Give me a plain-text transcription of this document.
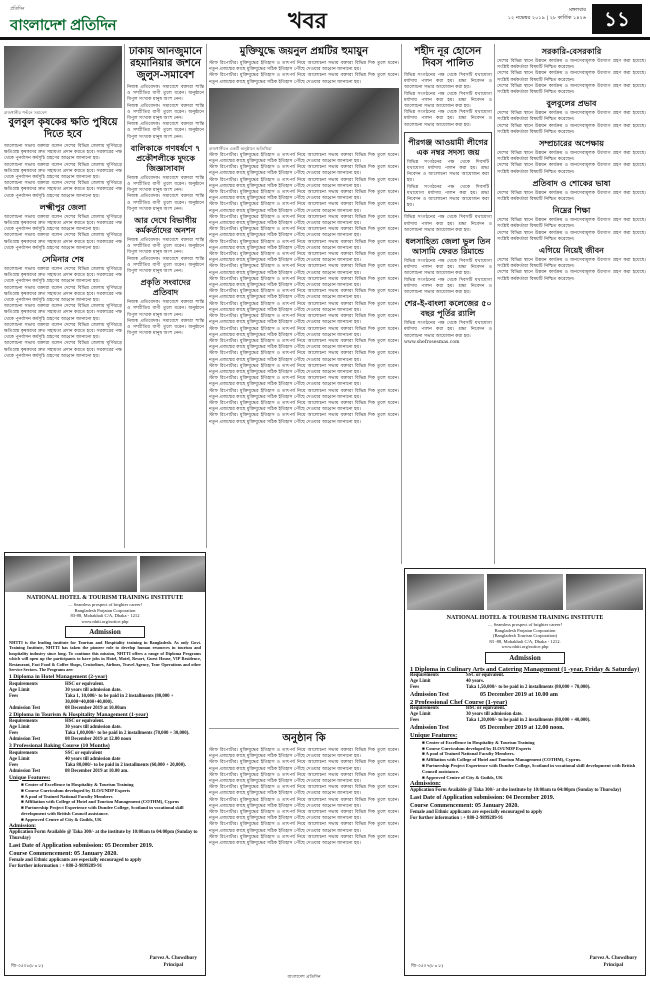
প্রতিদিন
বাংলাদেশ প্রতিদিন	খবর	মঙ্গলবার
১২ নভেম্বর ২০১৯ | ২৮ কার্তিক ১৪২৬ ১১
রাজধানীর পল্টনে সমাবেশ
বুলবুল কৃষকের ক্ষতি পুষিয়ে দিতে হবে

আলোচনা সভায় বক্তারা বলেন দেশের বিভিন্ন জেলায় ঘূর্ণিঝড়ে ক্ষতিগ্রস্ত কৃষকদের দ্রুত সহায়তা প্রদান করতে হবে। সরকারের পক্ষ থেকে পুনর্বাসন কর্মসূচি গ্রহণের আহ্বান জানানো হয়।

আলোচনা সভায় বক্তারা বলেন দেশের বিভিন্ন জেলায় ঘূর্ণিঝড়ে ক্ষতিগ্রস্ত কৃষকদের দ্রুত সহায়তা প্রদান করতে হবে। সরকারের পক্ষ থেকে পুনর্বাসন কর্মসূচি গ্রহণের আহ্বান জানানো হয়।

আলোচনা সভায় বক্তারা বলেন দেশের বিভিন্ন জেলায় ঘূর্ণিঝড়ে ক্ষতিগ্রস্ত কৃষকদের দ্রুত সহায়তা প্রদান করতে হবে। সরকারের পক্ষ থেকে পুনর্বাসন কর্মসূচি গ্রহণের আহ্বান জানানো হয়।

লক্ষ্মীপুর জেলা

আলোচনা সভায় বক্তারা বলেন দেশের বিভিন্ন জেলায় ঘূর্ণিঝড়ে ক্ষতিগ্রস্ত কৃষকদের দ্রুত সহায়তা প্রদান করতে হবে। সরকারের পক্ষ থেকে পুনর্বাসন কর্মসূচি গ্রহণের আহ্বান জানানো হয়।

আলোচনা সভায় বক্তারা বলেন দেশের বিভিন্ন জেলায় ঘূর্ণিঝড়ে ক্ষতিগ্রস্ত কৃষকদের দ্রুত সহায়তা প্রদান করতে হবে। সরকারের পক্ষ থেকে পুনর্বাসন কর্মসূচি গ্রহণের আহ্বান জানানো হয়।

সেমিনার শেষ

আলোচনা সভায় বক্তারা বলেন দেশের বিভিন্ন জেলায় ঘূর্ণিঝড়ে ক্ষতিগ্রস্ত কৃষকদের দ্রুত সহায়তা প্রদান করতে হবে। সরকারের পক্ষ থেকে পুনর্বাসন কর্মসূচি গ্রহণের আহ্বান জানানো হয়।

আলোচনা সভায় বক্তারা বলেন দেশের বিভিন্ন জেলায় ঘূর্ণিঝড়ে ক্ষতিগ্রস্ত কৃষকদের দ্রুত সহায়তা প্রদান করতে হবে। সরকারের পক্ষ থেকে পুনর্বাসন কর্মসূচি গ্রহণের আহ্বান জানানো হয়।

আলোচনা সভায় বক্তারা বলেন দেশের বিভিন্ন জেলায় ঘূর্ণিঝড়ে ক্ষতিগ্রস্ত কৃষকদের দ্রুত সহায়তা প্রদান করতে হবে। সরকারের পক্ষ থেকে পুনর্বাসন কর্মসূচি গ্রহণের আহ্বান জানানো হয়।

আলোচনা সভায় বক্তারা বলেন দেশের বিভিন্ন জেলায় ঘূর্ণিঝড়ে ক্ষতিগ্রস্ত কৃষকদের দ্রুত সহায়তা প্রদান করতে হবে। সরকারের পক্ষ থেকে পুনর্বাসন কর্মসূচি গ্রহণের আহ্বান জানানো হয়।

আলোচনা সভায় বক্তারা বলেন দেশের বিভিন্ন জেলায় ঘূর্ণিঝড়ে ক্ষতিগ্রস্ত কৃষকদের দ্রুত সহায়তা প্রদান করতে হবে। সরকারের পক্ষ থেকে পুনর্বাসন কর্মসূচি গ্রহণের আহ্বান জানানো হয়।

ঢাকায় আনজুমানে রহমানিয়ার জশনে জুলুস-সমাবেশ

নিজস্ব প্রতিবেদক। সমাবেশে বক্তারা শান্তি ও সম্প্রীতির বাণী তুলে ধরেন। অনুষ্ঠানে বিপুল সংখ্যক মানুষ অংশ নেন।

নিজস্ব প্রতিবেদক। সমাবেশে বক্তারা শান্তি ও সম্প্রীতির বাণী তুলে ধরেন। অনুষ্ঠানে বিপুল সংখ্যক মানুষ অংশ নেন।

নিজস্ব প্রতিবেদক। সমাবেশে বক্তারা শান্তি ও সম্প্রীতির বাণী তুলে ধরেন। অনুষ্ঠানে বিপুল সংখ্যক মানুষ অংশ নেন।

বালিকাকে গণধর্ষণে ৭ প্রকৌশলীকে দুদকে জিজ্ঞাসাবাদ

নিজস্ব প্রতিবেদক। সমাবেশে বক্তারা শান্তি ও সম্প্রীতির বাণী তুলে ধরেন। অনুষ্ঠানে বিপুল সংখ্যক মানুষ অংশ নেন।

নিজস্ব প্রতিবেদক। সমাবেশে বক্তারা শান্তি ও সম্প্রীতির বাণী তুলে ধরেন। অনুষ্ঠানে বিপুল সংখ্যক মানুষ অংশ নেন।

আর দেখে বিভাগীয় কর্মকর্তাদের অনশন

নিজস্ব প্রতিবেদক। সমাবেশে বক্তারা শান্তি ও সম্প্রীতির বাণী তুলে ধরেন। অনুষ্ঠানে বিপুল সংখ্যক মানুষ অংশ নেন।

নিজস্ব প্রতিবেদক। সমাবেশে বক্তারা শান্তি ও সম্প্রীতির বাণী তুলে ধরেন। অনুষ্ঠানে বিপুল সংখ্যক মানুষ অংশ নেন।

প্রকৃতি সংবাদের প্রতিবাদ

নিজস্ব প্রতিবেদক। সমাবেশে বক্তারা শান্তি ও সম্প্রীতির বাণী তুলে ধরেন। অনুষ্ঠানে বিপুল সংখ্যক মানুষ অংশ নেন।

নিজস্ব প্রতিবেদক। সমাবেশে বক্তারা শান্তি ও সম্প্রীতির বাণী তুলে ধরেন। অনুষ্ঠানে বিপুল সংখ্যক মানুষ অংশ নেন।

মুক্তিযুদ্ধে জয়নুল প্রশ্নটির হুমায়ুন

স্টাফ রিপোর্টার। মুক্তিযুদ্ধের ইতিহাস ও তাৎপর্য নিয়ে আলোচনা সভায় বক্তারা বিভিন্ন দিক তুলে ধরেন। নতুন প্রজন্মের কাছে মুক্তিযুদ্ধের সঠিক ইতিহাস পৌঁছে দেওয়ার আহ্বান জানানো হয়।

স্টাফ রিপোর্টার। মুক্তিযুদ্ধের ইতিহাস ও তাৎপর্য নিয়ে আলোচনা সভায় বক্তারা বিভিন্ন দিক তুলে ধরেন। নতুন প্রজন্মের কাছে মুক্তিযুদ্ধের সঠিক ইতিহাস পৌঁছে দেওয়ার আহ্বান জানানো হয়।

রাজধানীতে একটি অনুষ্ঠানে অতিথিরা

স্টাফ রিপোর্টার। মুক্তিযুদ্ধের ইতিহাস ও তাৎপর্য নিয়ে আলোচনা সভায় বক্তারা বিভিন্ন দিক তুলে ধরেন। নতুন প্রজন্মের কাছে মুক্তিযুদ্ধের সঠিক ইতিহাস পৌঁছে দেওয়ার আহ্বান জানানো হয়।

স্টাফ রিপোর্টার। মুক্তিযুদ্ধের ইতিহাস ও তাৎপর্য নিয়ে আলোচনা সভায় বক্তারা বিভিন্ন দিক তুলে ধরেন। নতুন প্রজন্মের কাছে মুক্তিযুদ্ধের সঠিক ইতিহাস পৌঁছে দেওয়ার আহ্বান জানানো হয়।

স্টাফ রিপোর্টার। মুক্তিযুদ্ধের ইতিহাস ও তাৎপর্য নিয়ে আলোচনা সভায় বক্তারা বিভিন্ন দিক তুলে ধরেন। নতুন প্রজন্মের কাছে মুক্তিযুদ্ধের সঠিক ইতিহাস পৌঁছে দেওয়ার আহ্বান জানানো হয়।

স্টাফ রিপোর্টার। মুক্তিযুদ্ধের ইতিহাস ও তাৎপর্য নিয়ে আলোচনা সভায় বক্তারা বিভিন্ন দিক তুলে ধরেন। নতুন প্রজন্মের কাছে মুক্তিযুদ্ধের সঠিক ইতিহাস পৌঁছে দেওয়ার আহ্বান জানানো হয়।

স্টাফ রিপোর্টার। মুক্তিযুদ্ধের ইতিহাস ও তাৎপর্য নিয়ে আলোচনা সভায় বক্তারা বিভিন্ন দিক তুলে ধরেন। নতুন প্রজন্মের কাছে মুক্তিযুদ্ধের সঠিক ইতিহাস পৌঁছে দেওয়ার আহ্বান জানানো হয়।

স্টাফ রিপোর্টার। মুক্তিযুদ্ধের ইতিহাস ও তাৎপর্য নিয়ে আলোচনা সভায় বক্তারা বিভিন্ন দিক তুলে ধরেন। নতুন প্রজন্মের কাছে মুক্তিযুদ্ধের সঠিক ইতিহাস পৌঁছে দেওয়ার আহ্বান জানানো হয়।

স্টাফ রিপোর্টার। মুক্তিযুদ্ধের ইতিহাস ও তাৎপর্য নিয়ে আলোচনা সভায় বক্তারা বিভিন্ন দিক তুলে ধরেন। নতুন প্রজন্মের কাছে মুক্তিযুদ্ধের সঠিক ইতিহাস পৌঁছে দেওয়ার আহ্বান জানানো হয়।

স্টাফ রিপোর্টার। মুক্তিযুদ্ধের ইতিহাস ও তাৎপর্য নিয়ে আলোচনা সভায় বক্তারা বিভিন্ন দিক তুলে ধরেন। নতুন প্রজন্মের কাছে মুক্তিযুদ্ধের সঠিক ইতিহাস পৌঁছে দেওয়ার আহ্বান জানানো হয়।

স্টাফ রিপোর্টার। মুক্তিযুদ্ধের ইতিহাস ও তাৎপর্য নিয়ে আলোচনা সভায় বক্তারা বিভিন্ন দিক তুলে ধরেন। নতুন প্রজন্মের কাছে মুক্তিযুদ্ধের সঠিক ইতিহাস পৌঁছে দেওয়ার আহ্বান জানানো হয়।

স্টাফ রিপোর্টার। মুক্তিযুদ্ধের ইতিহাস ও তাৎপর্য নিয়ে আলোচনা সভায় বক্তারা বিভিন্ন দিক তুলে ধরেন। নতুন প্রজন্মের কাছে মুক্তিযুদ্ধের সঠিক ইতিহাস পৌঁছে দেওয়ার আহ্বান জানানো হয়।

স্টাফ রিপোর্টার। মুক্তিযুদ্ধের ইতিহাস ও তাৎপর্য নিয়ে আলোচনা সভায় বক্তারা বিভিন্ন দিক তুলে ধরেন। নতুন প্রজন্মের কাছে মুক্তিযুদ্ধের সঠিক ইতিহাস পৌঁছে দেওয়ার আহ্বান জানানো হয়।

স্টাফ রিপোর্টার। মুক্তিযুদ্ধের ইতিহাস ও তাৎপর্য নিয়ে আলোচনা সভায় বক্তারা বিভিন্ন দিক তুলে ধরেন। নতুন প্রজন্মের কাছে মুক্তিযুদ্ধের সঠিক ইতিহাস পৌঁছে দেওয়ার আহ্বান জানানো হয়।

স্টাফ রিপোর্টার। মুক্তিযুদ্ধের ইতিহাস ও তাৎপর্য নিয়ে আলোচনা সভায় বক্তারা বিভিন্ন দিক তুলে ধরেন। নতুন প্রজন্মের কাছে মুক্তিযুদ্ধের সঠিক ইতিহাস পৌঁছে দেওয়ার আহ্বান জানানো হয়।

স্টাফ রিপোর্টার। মুক্তিযুদ্ধের ইতিহাস ও তাৎপর্য নিয়ে আলোচনা সভায় বক্তারা বিভিন্ন দিক তুলে ধরেন। নতুন প্রজন্মের কাছে মুক্তিযুদ্ধের সঠিক ইতিহাস পৌঁছে দেওয়ার আহ্বান জানানো হয়।

স্টাফ রিপোর্টার। মুক্তিযুদ্ধের ইতিহাস ও তাৎপর্য নিয়ে আলোচনা সভায় বক্তারা বিভিন্ন দিক তুলে ধরেন। নতুন প্রজন্মের কাছে মুক্তিযুদ্ধের সঠিক ইতিহাস পৌঁছে দেওয়ার আহ্বান জানানো হয়।

স্টাফ রিপোর্টার। মুক্তিযুদ্ধের ইতিহাস ও তাৎপর্য নিয়ে আলোচনা সভায় বক্তারা বিভিন্ন দিক তুলে ধরেন। নতুন প্রজন্মের কাছে মুক্তিযুদ্ধের সঠিক ইতিহাস পৌঁছে দেওয়ার আহ্বান জানানো হয়।

স্টাফ রিপোর্টার। মুক্তিযুদ্ধের ইতিহাস ও তাৎপর্য নিয়ে আলোচনা সভায় বক্তারা বিভিন্ন দিক তুলে ধরেন। নতুন প্রজন্মের কাছে মুক্তিযুদ্ধের সঠিক ইতিহাস পৌঁছে দেওয়ার আহ্বান জানানো হয়।

স্টাফ রিপোর্টার। মুক্তিযুদ্ধের ইতিহাস ও তাৎপর্য নিয়ে আলোচনা সভায় বক্তারা বিভিন্ন দিক তুলে ধরেন। নতুন প্রজন্মের কাছে মুক্তিযুদ্ধের সঠিক ইতিহাস পৌঁছে দেওয়ার আহ্বান জানানো হয়।

স্টাফ রিপোর্টার। মুক্তিযুদ্ধের ইতিহাস ও তাৎপর্য নিয়ে আলোচনা সভায় বক্তারা বিভিন্ন দিক তুলে ধরেন। নতুন প্রজন্মের কাছে মুক্তিযুদ্ধের সঠিক ইতিহাস পৌঁছে দেওয়ার আহ্বান জানানো হয়।

স্টাফ রিপোর্টার। মুক্তিযুদ্ধের ইতিহাস ও তাৎপর্য নিয়ে আলোচনা সভায় বক্তারা বিভিন্ন দিক তুলে ধরেন। নতুন প্রজন্মের কাছে মুক্তিযুদ্ধের সঠিক ইতিহাস পৌঁছে দেওয়ার আহ্বান জানানো হয়।

স্টাফ রিপোর্টার। মুক্তিযুদ্ধের ইতিহাস ও তাৎপর্য নিয়ে আলোচনা সভায় বক্তারা বিভিন্ন দিক তুলে ধরেন। নতুন প্রজন্মের কাছে মুক্তিযুদ্ধের সঠিক ইতিহাস পৌঁছে দেওয়ার আহ্বান জানানো হয়।

স্টাফ রিপোর্টার। মুক্তিযুদ্ধের ইতিহাস ও তাৎপর্য নিয়ে আলোচনা সভায় বক্তারা বিভিন্ন দিক তুলে ধরেন। নতুন প্রজন্মের কাছে মুক্তিযুদ্ধের সঠিক ইতিহাস পৌঁছে দেওয়ার আহ্বান জানানো হয়।

অনুষ্ঠান কি

স্টাফ রিপোর্টার। মুক্তিযুদ্ধের ইতিহাস ও তাৎপর্য নিয়ে আলোচনা সভায় বক্তারা বিভিন্ন দিক তুলে ধরেন। নতুন প্রজন্মের কাছে মুক্তিযুদ্ধের সঠিক ইতিহাস পৌঁছে দেওয়ার আহ্বান জানানো হয়।

স্টাফ রিপোর্টার। মুক্তিযুদ্ধের ইতিহাস ও তাৎপর্য নিয়ে আলোচনা সভায় বক্তারা বিভিন্ন দিক তুলে ধরেন। নতুন প্রজন্মের কাছে মুক্তিযুদ্ধের সঠিক ইতিহাস পৌঁছে দেওয়ার আহ্বান জানানো হয়।

স্টাফ রিপোর্টার। মুক্তিযুদ্ধের ইতিহাস ও তাৎপর্য নিয়ে আলোচনা সভায় বক্তারা বিভিন্ন দিক তুলে ধরেন। নতুন প্রজন্মের কাছে মুক্তিযুদ্ধের সঠিক ইতিহাস পৌঁছে দেওয়ার আহ্বান জানানো হয়।

স্টাফ রিপোর্টার। মুক্তিযুদ্ধের ইতিহাস ও তাৎপর্য নিয়ে আলোচনা সভায় বক্তারা বিভিন্ন দিক তুলে ধরেন। নতুন প্রজন্মের কাছে মুক্তিযুদ্ধের সঠিক ইতিহাস পৌঁছে দেওয়ার আহ্বান জানানো হয়।

স্টাফ রিপোর্টার। মুক্তিযুদ্ধের ইতিহাস ও তাৎপর্য নিয়ে আলোচনা সভায় বক্তারা বিভিন্ন দিক তুলে ধরেন। নতুন প্রজন্মের কাছে মুক্তিযুদ্ধের সঠিক ইতিহাস পৌঁছে দেওয়ার আহ্বান জানানো হয়।

স্টাফ রিপোর্টার। মুক্তিযুদ্ধের ইতিহাস ও তাৎপর্য নিয়ে আলোচনা সভায় বক্তারা বিভিন্ন দিক তুলে ধরেন। নতুন প্রজন্মের কাছে মুক্তিযুদ্ধের সঠিক ইতিহাস পৌঁছে দেওয়ার আহ্বান জানানো হয়।

স্টাফ রিপোর্টার। মুক্তিযুদ্ধের ইতিহাস ও তাৎপর্য নিয়ে আলোচনা সভায় বক্তারা বিভিন্ন দিক তুলে ধরেন। নতুন প্রজন্মের কাছে মুক্তিযুদ্ধের সঠিক ইতিহাস পৌঁছে দেওয়ার আহ্বান জানানো হয়।

স্টাফ রিপোর্টার। মুক্তিযুদ্ধের ইতিহাস ও তাৎপর্য নিয়ে আলোচনা সভায় বক্তারা বিভিন্ন দিক তুলে ধরেন। নতুন প্রজন্মের কাছে মুক্তিযুদ্ধের সঠিক ইতিহাস পৌঁছে দেওয়ার আহ্বান জানানো হয়।

শহীদ নূর হোসেন দিবস পালিত

বিভিন্ন সংগঠনের পক্ষ থেকে দিবসটি যথাযোগ্য মর্যাদায় পালন করা হয়। শ্রদ্ধা নিবেদন ও আলোচনা সভার আয়োজন করা হয়।

বিভিন্ন সংগঠনের পক্ষ থেকে দিবসটি যথাযোগ্য মর্যাদায় পালন করা হয়। শ্রদ্ধা নিবেদন ও আলোচনা সভার আয়োজন করা হয়।

বিভিন্ন সংগঠনের পক্ষ থেকে দিবসটি যথাযোগ্য মর্যাদায় পালন করা হয়। শ্রদ্ধা নিবেদন ও আলোচনা সভার আয়োজন করা হয়।

পীরগঞ্জ আওয়ামী লীগের এক নম্বর সদস্য জয়

বিভিন্ন সংগঠনের পক্ষ থেকে দিবসটি যথাযোগ্য মর্যাদায় পালন করা হয়। শ্রদ্ধা নিবেদন ও আলোচনা সভার আয়োজন করা হয়।

বিভিন্ন সংগঠনের পক্ষ থেকে দিবসটি যথাযোগ্য মর্যাদায় পালন করা হয়। শ্রদ্ধা নিবেদন ও আলোচনা সভার আয়োজন করা হয়।

বিভিন্ন সংগঠনের পক্ষ থেকে দিবসটি যথাযোগ্য মর্যাদায় পালন করা হয়। শ্রদ্ধা নিবেদন ও আলোচনা সভার আয়োজন করা হয়।

ধলসাহিত্য জেলা ভুল তিন আসামি ফেরত রিমান্ডে

বিভিন্ন সংগঠনের পক্ষ থেকে দিবসটি যথাযোগ্য মর্যাদায় পালন করা হয়। শ্রদ্ধা নিবেদন ও আলোচনা সভার আয়োজন করা হয়।

বিভিন্ন সংগঠনের পক্ষ থেকে দিবসটি যথাযোগ্য মর্যাদায় পালন করা হয়। শ্রদ্ধা নিবেদন ও আলোচনা সভার আয়োজন করা হয়।

শের-ই-বাংলা কলেজের ৫০ বছর পূর্তির র‍্যালি

বিভিন্ন সংগঠনের পক্ষ থেকে দিবসটি যথাযোগ্য মর্যাদায় পালন করা হয়। শ্রদ্ধা নিবেদন ও আলোচনা সভার আয়োজন করা হয়।

www.shefrosesmas.com

সরকারি-বেসরকারি

দেশের বিভিন্ন স্থানে উন্নয়ন কার্যক্রম ও জনসেবামূলক উদ্যোগ গ্রহণ করা হয়েছে। সংশ্লিষ্ট কর্মকর্তারা বিষয়টি নিশ্চিত করেছেন।

দেশের বিভিন্ন স্থানে উন্নয়ন কার্যক্রম ও জনসেবামূলক উদ্যোগ গ্রহণ করা হয়েছে। সংশ্লিষ্ট কর্মকর্তারা বিষয়টি নিশ্চিত করেছেন।

দেশের বিভিন্ন স্থানে উন্নয়ন কার্যক্রম ও জনসেবামূলক উদ্যোগ গ্রহণ করা হয়েছে। সংশ্লিষ্ট কর্মকর্তারা বিষয়টি নিশ্চিত করেছেন।

বুলবুলের প্রভাব

দেশের বিভিন্ন স্থানে উন্নয়ন কার্যক্রম ও জনসেবামূলক উদ্যোগ গ্রহণ করা হয়েছে। সংশ্লিষ্ট কর্মকর্তারা বিষয়টি নিশ্চিত করেছেন।

দেশের বিভিন্ন স্থানে উন্নয়ন কার্যক্রম ও জনসেবামূলক উদ্যোগ গ্রহণ করা হয়েছে। সংশ্লিষ্ট কর্মকর্তারা বিষয়টি নিশ্চিত করেছেন।

সম্প্রচারের অপেক্ষায়

দেশের বিভিন্ন স্থানে উন্নয়ন কার্যক্রম ও জনসেবামূলক উদ্যোগ গ্রহণ করা হয়েছে। সংশ্লিষ্ট কর্মকর্তারা বিষয়টি নিশ্চিত করেছেন।

দেশের বিভিন্ন স্থানে উন্নয়ন কার্যক্রম ও জনসেবামূলক উদ্যোগ গ্রহণ করা হয়েছে। সংশ্লিষ্ট কর্মকর্তারা বিষয়টি নিশ্চিত করেছেন।

প্রতিবাদ ও শোকের ভাষা

দেশের বিভিন্ন স্থানে উন্নয়ন কার্যক্রম ও জনসেবামূলক উদ্যোগ গ্রহণ করা হয়েছে। সংশ্লিষ্ট কর্মকর্তারা বিষয়টি নিশ্চিত করেছেন।

নিম্নের শিক্ষা

দেশের বিভিন্ন স্থানে উন্নয়ন কার্যক্রম ও জনসেবামূলক উদ্যোগ গ্রহণ করা হয়েছে। সংশ্লিষ্ট কর্মকর্তারা বিষয়টি নিশ্চিত করেছেন।

দেশের বিভিন্ন স্থানে উন্নয়ন কার্যক্রম ও জনসেবামূলক উদ্যোগ গ্রহণ করা হয়েছে। সংশ্লিষ্ট কর্মকর্তারা বিষয়টি নিশ্চিত করেছেন।

এগিয়ে নিয়েই জীবন

দেশের বিভিন্ন স্থানে উন্নয়ন কার্যক্রম ও জনসেবামূলক উদ্যোগ গ্রহণ করা হয়েছে। সংশ্লিষ্ট কর্মকর্তারা বিষয়টি নিশ্চিত করেছেন।

দেশের বিভিন্ন স্থানে উন্নয়ন কার্যক্রম ও জনসেবামূলক উদ্যোগ গ্রহণ করা হয়েছে। সংশ্লিষ্ট কর্মকর্তারা বিষয়টি নিশ্চিত করেছেন।

NATIONAL HOTEL & TOURISM TRAINING INSTITUTE
.... Seamless prospect of brighter career!
Bangladesh Parjatan Corporation
83-88, Mohakhali C/A, Dhaka - 1212
www.nhtti.org/notice.php
Admission
NHTTI is the leading institute for Tourism and Hospitality training in Bangladesh. As only Govt. Training Institute, NHTTI has taken the pioneer role to develop human resources in tourism and hospitality industry since long. To continue this mission, NHTTI offers a range of Diploma Programs which will open up the participants to have jobs in Hotel, Motel, Resort, Guest House, VIP Residence, Restaurant, Fast Food & Coffee Shops, Cruiselines, Airlines, Travel Agency, Tour Operations and other Service Sectors. The Programs are:
1 Diploma in Hotel Management (2-year)
Requirements	HSC or equivalent.
Age Limit	30 years till admission date.
Fees	Taka 1, 10,000/- to be paid in 2 installments (80,000 + 30,000=40,000+40,000).
Admission Test	08 December 2019 at 10.00am
2 Diploma in Tourism & Hospitality Management (1-year)
Requirements	HSC or equivalent.
Age Limit	30 years till admission date.
Fees	Taka 1,00,000/- to be paid in 2 installments (70,000 + 30,000).
Admission Test	08 December 2019 at 12.00 noon
3 Professional Baking Course (10 Months)
Requirements	SSC or equivalent
Age Limit	40 years till admission date
Fees	Taka 80,000/- to be paid in 2 installments (60,000 + 20,000).
Admission Test	08 December 2019 at 10.00 am.
Unique Features:
■ Center of Excellence in Hospitality & Tourism Training
■ Course Curriculum developed by ILO/UNDP Experts
■ A pool of Trained National Faculty Members
■ Affiliation with College of Hotel and Tourism Management (COTHM), Cyprus
■ Partnership Project Experience with Dundee College, Scotland in vocational skill development with British Council assistance.
■ Approved Centre of City & Guilds, UK
Admission:
Application Form Available @ Taka 300/- at the institute by 10:00am to 04:00pm (Sunday to Thursday)
Last Date of Application submission: 05 December 2019.
Course Commencement: 05 January 2020.
Female and Ethnic applicants are especially encouraged to apply
For further information : + 880-2-9899289-91
জি-৩৫০৮(৮ x ৮)
Parvez A. Chowdhury
Principal
NATIONAL HOTEL & TOURISM TRAINING INSTITUTE
.... Seamless prospect of brighter career!
Bangladesh Parjatan Corporation
(Bangladesh Tourism Corporation)
83 -88, Mohakhali C/A, Dhaka - 1212.
www.nhtti.org/notice.php
Admission
1 Diploma in Culinary Arts and Catering Management (1 -year, Friday & Saturday)
Requirements	SSC or equivalent.
Age Limit	40 years.
Fees	Taka 1,50,000/- to be paid in 2 installments (80,000 + 70,000).
Admission Test	05 December 2019 at 10.00 am
2 Professional Chef Course (1-year)
Requirements	HSC or equivalent.
Age Limit	30 years till admission date.
Fees	Taka 1,20,000/- to be paid in 2 installments (80,000 + 40,000).
Admission Test	05 December 2019 at 12.00 noon.
Unique Features:
■ Center of Excellence in Hospitality & Tourism Training
■ Course Curriculum developed by ILO/UNDP Experts
■ A pool of Trained National Faculty Members.
■ Affiliation with College of Hotel and Tourism Management (COTHM), Cyprus.
■ Partnership Project Experience with Dundee College, Scotland in vocational skill development with British Council assistance.
■ Approved Centre of City & Guilds, UK
Admission:
Application Form Available @ Taka 300/- at the institute by 10:00am to 04:00pm (Sunday to Thursday)
Last Date of Application submission: 04 December 2019.
Course Commencement: 05 January 2020.
Female and Ethnic applicants are especially encouraged to apply
For further information : + 880-2-9899289-91
জি-৩৫০৭(৮ x ৮)
Parvez A. Chowdhury
Principal
বাংলাদেশ প্রতিদিন
